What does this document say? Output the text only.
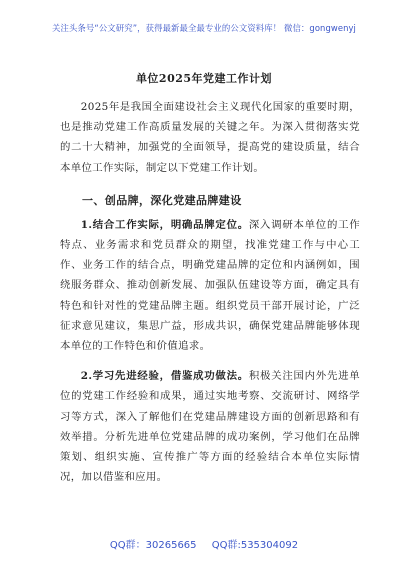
关注头条号“公文研究”，获得最新最全最专业的公文资料库！ 微信：gongwenyj
单位2025年党建工作计划

2025年是我国全面建设社会主义现代化国家的重要时期，也是推动党建工作高质量发展的关键之年。为深入贯彻落实党的二十大精神，加强党的全面领导，提高党的建设质量，结合本单位工作实际，制定以下党建工作计划。

一、创品牌，深化党建品牌建设

1.结合工作实际，明确品牌定位。深入调研本单位的工作特点、业务需求和党员群众的期望，找准党建工作与中心工作、业务工作的结合点，明确党建品牌的定位和内涵例如，围绕服务群众、推动创新发展、加强队伍建设等方面，确定具有特色和针对性的党建品牌主题。组织党员干部开展讨论，广泛征求意见建议，集思广益，形成共识，确保党建品牌能够体现本单位的工作特色和价值追求。

2.学习先进经验，借鉴成功做法。积极关注国内外先进单位的党建工作经验和成果，通过实地考察、交流研讨、网络学习等方式，深入了解他们在党建品牌建设方面的创新思路和有效举措。分析先进单位党建品牌的成功案例，学习他们在品牌策划、组织实施、宣传推广等方面的经验结合本单位实际情况，加以借鉴和应用。

QQ群：30265665 QQ群:535304092
